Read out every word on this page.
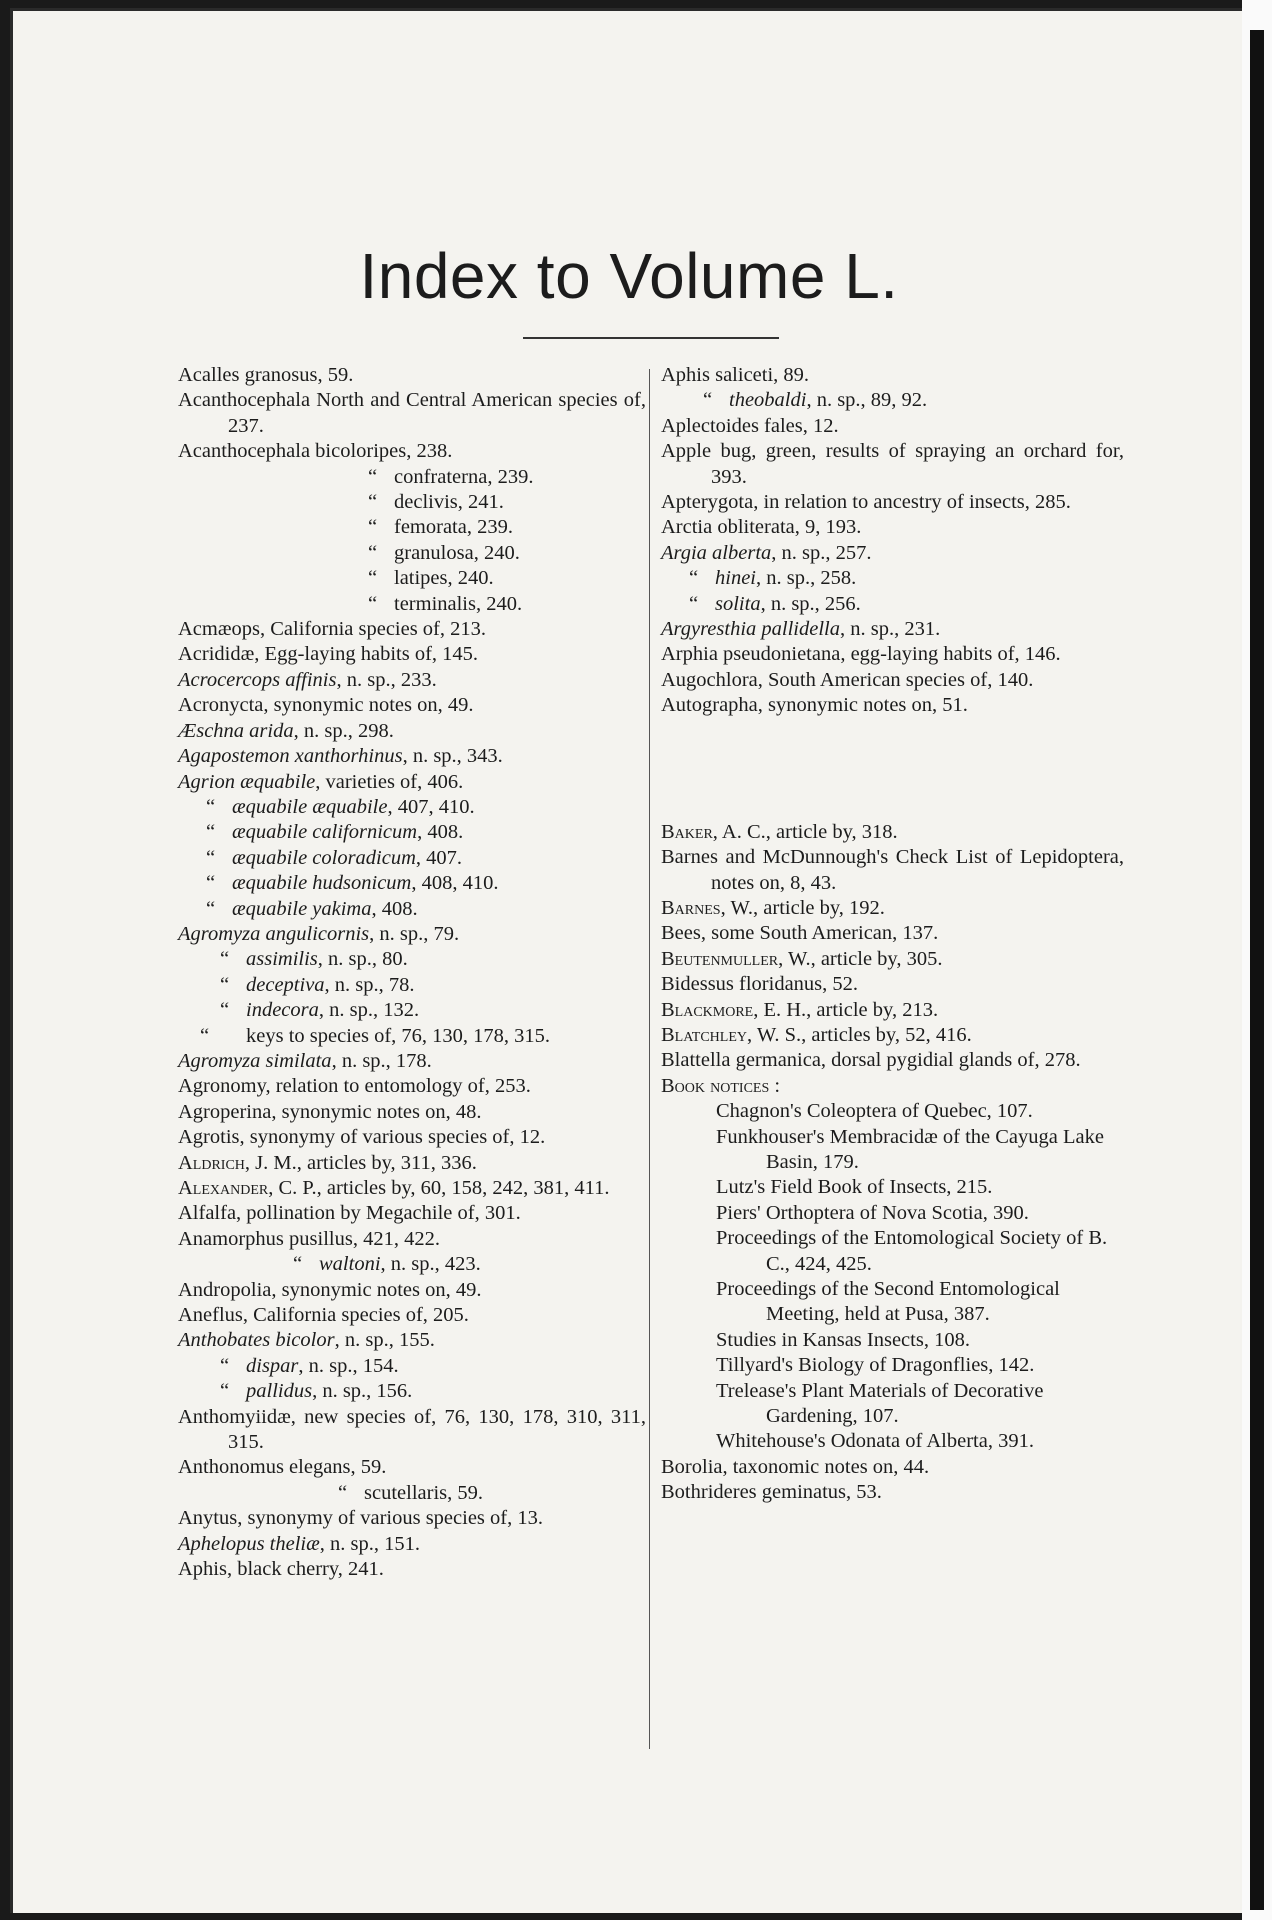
Index to Volume L.
Acalles granosus, 59.
Acanthocephala North and Central American species of, 237.
Acanthocephala bicoloripes, 238.
“ confraterna, 239.
“ declivis, 241.
“ femorata, 239.
“ granulosa, 240.
“ latipes, 240.
“ terminalis, 240.
Acmæops, California species of, 213.
Acrididæ, Egg-laying habits of, 145.
Acrocercops affinis, n. sp., 233.
Acronycta, synonymic notes on, 49.
Æschna arida, n. sp., 298.
Agapostemon xanthorhinus, n. sp., 343.
Agrion æquabile, varieties of, 406.
“ æquabile æquabile, 407, 410.
“ æquabile californicum, 408.
“ æquabile coloradicum, 407.
“ æquabile hudsonicum, 408, 410.
“ æquabile yakima, 408.
Agromyza angulicornis, n. sp., 79.
“ assimilis, n. sp., 80.
“ deceptiva, n. sp., 78.
“ indecora, n. sp., 132.
“ keys to species of, 76, 130, 178, 315.
Agromyza similata, n. sp., 178.
Agronomy, relation to entomology of, 253.
Agroperina, synonymic notes on, 48.
Agrotis, synonymy of various species of, 12.
Aldrich, J. M., articles by, 311, 336.
Alexander, C. P., articles by, 60, 158, 242, 381, 411.
Alfalfa, pollination by Megachile of, 301.
Anamorphus pusillus, 421, 422.
“ waltoni, n. sp., 423.
Andropolia, synonymic notes on, 49.
Aneflus, California species of, 205.
Anthobates bicolor, n. sp., 155.
“ dispar, n. sp., 154.
“ pallidus, n. sp., 156.
Anthomyiidæ, new species of, 76, 130, 178, 310, 311, 315.
Anthonomus elegans, 59.
“ scutellaris, 59.
Anytus, synonymy of various species of, 13.
Aphelopus theliæ, n. sp., 151.
Aphis, black cherry, 241.
Aphis saliceti, 89.
“ theobaldi, n. sp., 89, 92.
Aplectoides fales, 12.
Apple bug, green, results of spraying an orchard for, 393.
Apterygota, in relation to ancestry of insects, 285.
Arctia obliterata, 9, 193.
Argia alberta, n. sp., 257.
“ hinei, n. sp., 258.
“ solita, n. sp., 256.
Argyresthia pallidella, n. sp., 231.
Arphia pseudonietana, egg-laying habits of, 146.
Augochlora, South American species of, 140.
Autographa, synonymic notes on, 51.
Baker, A. C., article by, 318.
Barnes and McDunnough's Check List of Lepidoptera, notes on, 8, 43.
Barnes, W., article by, 192.
Bees, some South American, 137.
Beutenmuller, W., article by, 305.
Bidessus floridanus, 52.
Blackmore, E. H., article by, 213.
Blatchley, W. S., articles by, 52, 416.
Blattella germanica, dorsal pygidial glands of, 278.
Book notices :
Chagnon's Coleoptera of Quebec, 107.
Funkhouser's Membracidæ of the Cayuga Lake Basin, 179.
Lutz's Field Book of Insects, 215.
Piers' Orthoptera of Nova Scotia, 390.
Proceedings of the Entomological Society of B. C., 424, 425.
Proceedings of the Second Entomological Meeting, held at Pusa, 387.
Studies in Kansas Insects, 108.
Tillyard's Biology of Dragonflies, 142.
Trelease's Plant Materials of Decorative Gardening, 107.
Whitehouse's Odonata of Alberta, 391.
Borolia, taxonomic notes on, 44.
Bothrideres geminatus, 53.
